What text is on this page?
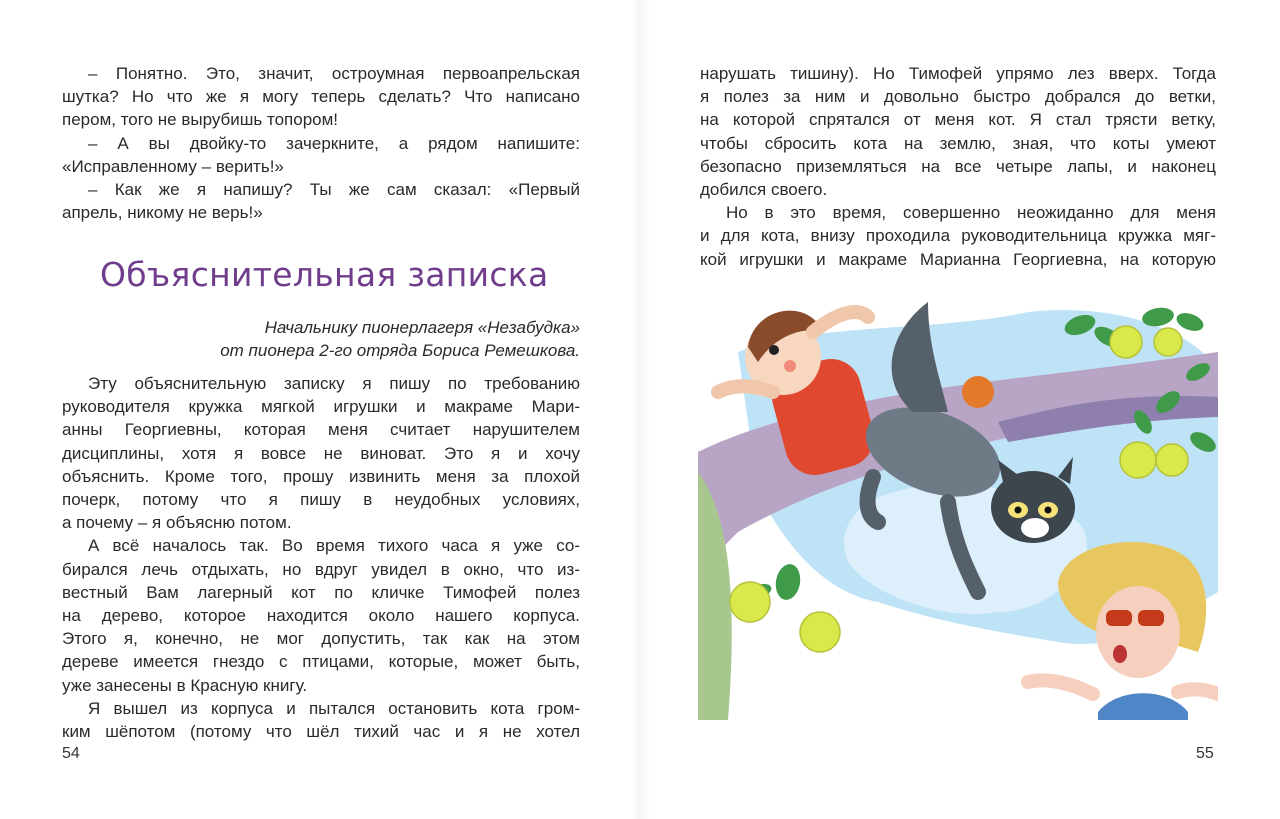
– Понятно. Это, значит, остроумная первоапрельская
шутка? Но что же я могу теперь сделать? Что написано
пером, того не вырубишь топором!
– А вы двойку-то зачеркните, а рядом напишите:
«Исправленному – верить!»
– Как же я напишу? Ты же сам сказал: «Первый
апрель, никому не верь!»
Объяснительная записка
Начальнику пионерлагеря «Незабудка»
от пионера 2-го отряда Бориса Ремешкова.
Эту объяснительную записку я пишу по требованию
руководителя кружка мягкой игрушки и макраме Мари-
анны Георгиевны, которая меня считает нарушителем
дисциплины, хотя я вовсе не виноват. Это я и хочу
объяснить. Кроме того, прошу извинить меня за плохой
почерк, потому что я пишу в неудобных условиях,
а почему – я объясню потом.
А всё началось так. Во время тихого часа я уже со-
бирался лечь отдыхать, но вдруг увидел в окно, что из-
вестный Вам лагерный кот по кличке Тимофей полез
на дерево, которое находится около нашего корпуса.
Этого я, конечно, не мог допустить, так как на этом
дереве имеется гнездо с птицами, которые, может быть,
уже занесены в Красную книгу.
Я вышел из корпуса и пытался остановить кота гром-
ким шёпотом (потому что шёл тихий час и я не хотел
54
нарушать тишину). Но Тимофей упрямо лез вверх. Тогда
я полез за ним и довольно быстро добрался до ветки,
на которой спрятался от меня кот. Я стал трясти ветку,
чтобы сбросить кота на землю, зная, что коты умеют
безопасно приземляться на все четыре лапы, и наконец
добился своего.
Но в это время, совершенно неожиданно для меня
и для кота, внизу проходила руководительница кружка мяг-
кой игрушки и макраме Марианна Георгиевна, на которую
55
